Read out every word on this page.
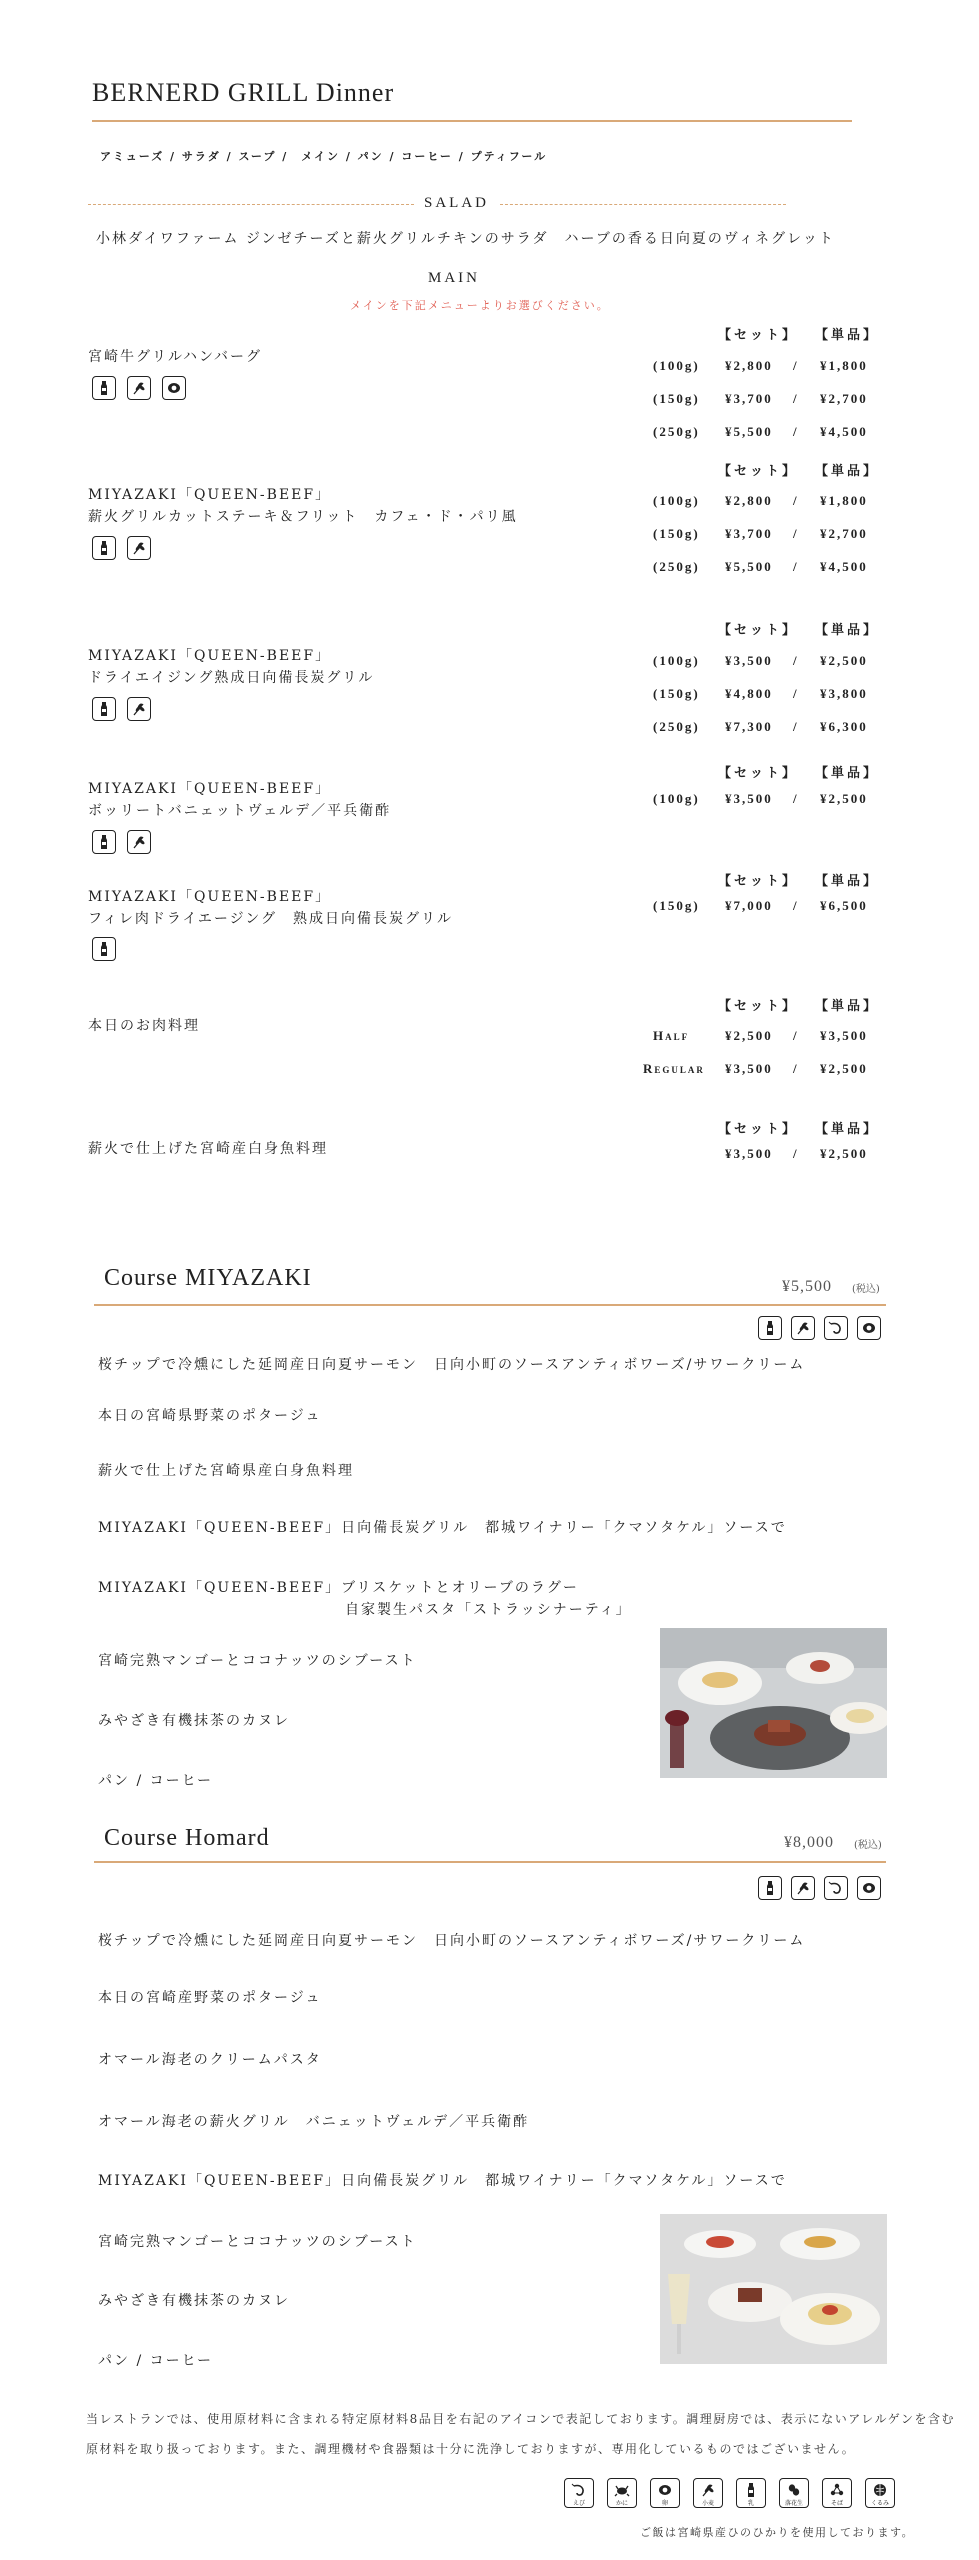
BERNERD GRILL Dinner
アミューズ / サラダ / スープ /　メイン / パン / コーヒー / プティフール
SALAD
小林ダイワファーム ジンゼチーズと薪火グリルチキンのサラダ　ハーブの香る日向夏のヴィネグレット
MAIN
メインを下記メニューよりお選びください。
Course MIYAZAKI	¥5,500 (税込)
Course Homard	¥8,000 (税込)
当レストランでは、使用原材料に含まれる特定原材料8品目を右記のアイコンで表記しております。調理厨房では、表示にないアレルゲンを含む
原材料を取り扱っております。また、調理機材や食器類は十分に洗浄しておりますが、専用化しているものではございません。
ご飯は宮崎県産ひのひかりを使用しております。
宮崎牛グリルハンバーグ
【セット】 【単品】
(100g) ¥2,800 / ¥1,800
(150g) ¥3,700 / ¥2,700
(250g) ¥5,500 / ¥4,500
MIYAZAKI「QUEEN-BEEF」
薪火グリルカットステーキ＆フリット　カフェ・ド・パリ風
【セット】 【単品】
(100g) ¥2,800 / ¥1,800
(150g) ¥3,700 / ¥2,700
(250g) ¥5,500 / ¥4,500
MIYAZAKI「QUEEN-BEEF」
ドライエイジング熟成日向備長炭グリル
【セット】 【単品】
(100g) ¥3,500 / ¥2,500
(150g) ¥4,800 / ¥3,800
(250g) ¥7,300 / ¥6,300
MIYAZAKI「QUEEN-BEEF」
ボッリートバニェットヴェルデ／平兵衛酢
【セット】 【単品】
(100g) ¥3,500 / ¥2,500
MIYAZAKI「QUEEN-BEEF」
フィレ肉ドライエージング　熟成日向備長炭グリル
【セット】 【単品】
(150g) ¥7,000 / ¥6,500
本日のお肉料理
【セット】 【単品】
Half	¥2,500 / ¥3,500
Regular ¥3,500 / ¥2,500
薪火で仕上げた宮崎産白身魚料理
【セット】 【単品】
¥3,500 / ¥2,500
桜チップで冷燻にした延岡産日向夏サーモン　日向小町のソースアンティボワーズ/サワークリーム
本日の宮崎県野菜のポタージュ
薪火で仕上げた宮崎県産白身魚料理
MIYAZAKI「QUEEN-BEEF」日向備長炭グリル　都城ワイナリー「クマソタケル」ソースで
MIYAZAKI「QUEEN-BEEF」ブリスケットとオリーブのラグー
自家製生パスタ「ストラッシナーティ」
宮崎完熟マンゴーとココナッツのシブースト
みやざき有機抹茶のカヌレ
パン / コーヒー
桜チップで冷燻にした延岡産日向夏サーモン　日向小町のソースアンティボワーズ/サワークリーム
本日の宮崎産野菜のポタージュ
オマール海老のクリームパスタ
オマール海老の薪火グリル　バニェットヴェルデ／平兵衛酢
MIYAZAKI「QUEEN-BEEF」日向備長炭グリル　都城ワイナリー「クマソタケル」ソースで
宮崎完熟マンゴーとココナッツのシブースト
みやざき有機抹茶のカヌレ
パン / コーヒー
えび	かに	卵	小麦	乳	落花生	そば	くるみ
